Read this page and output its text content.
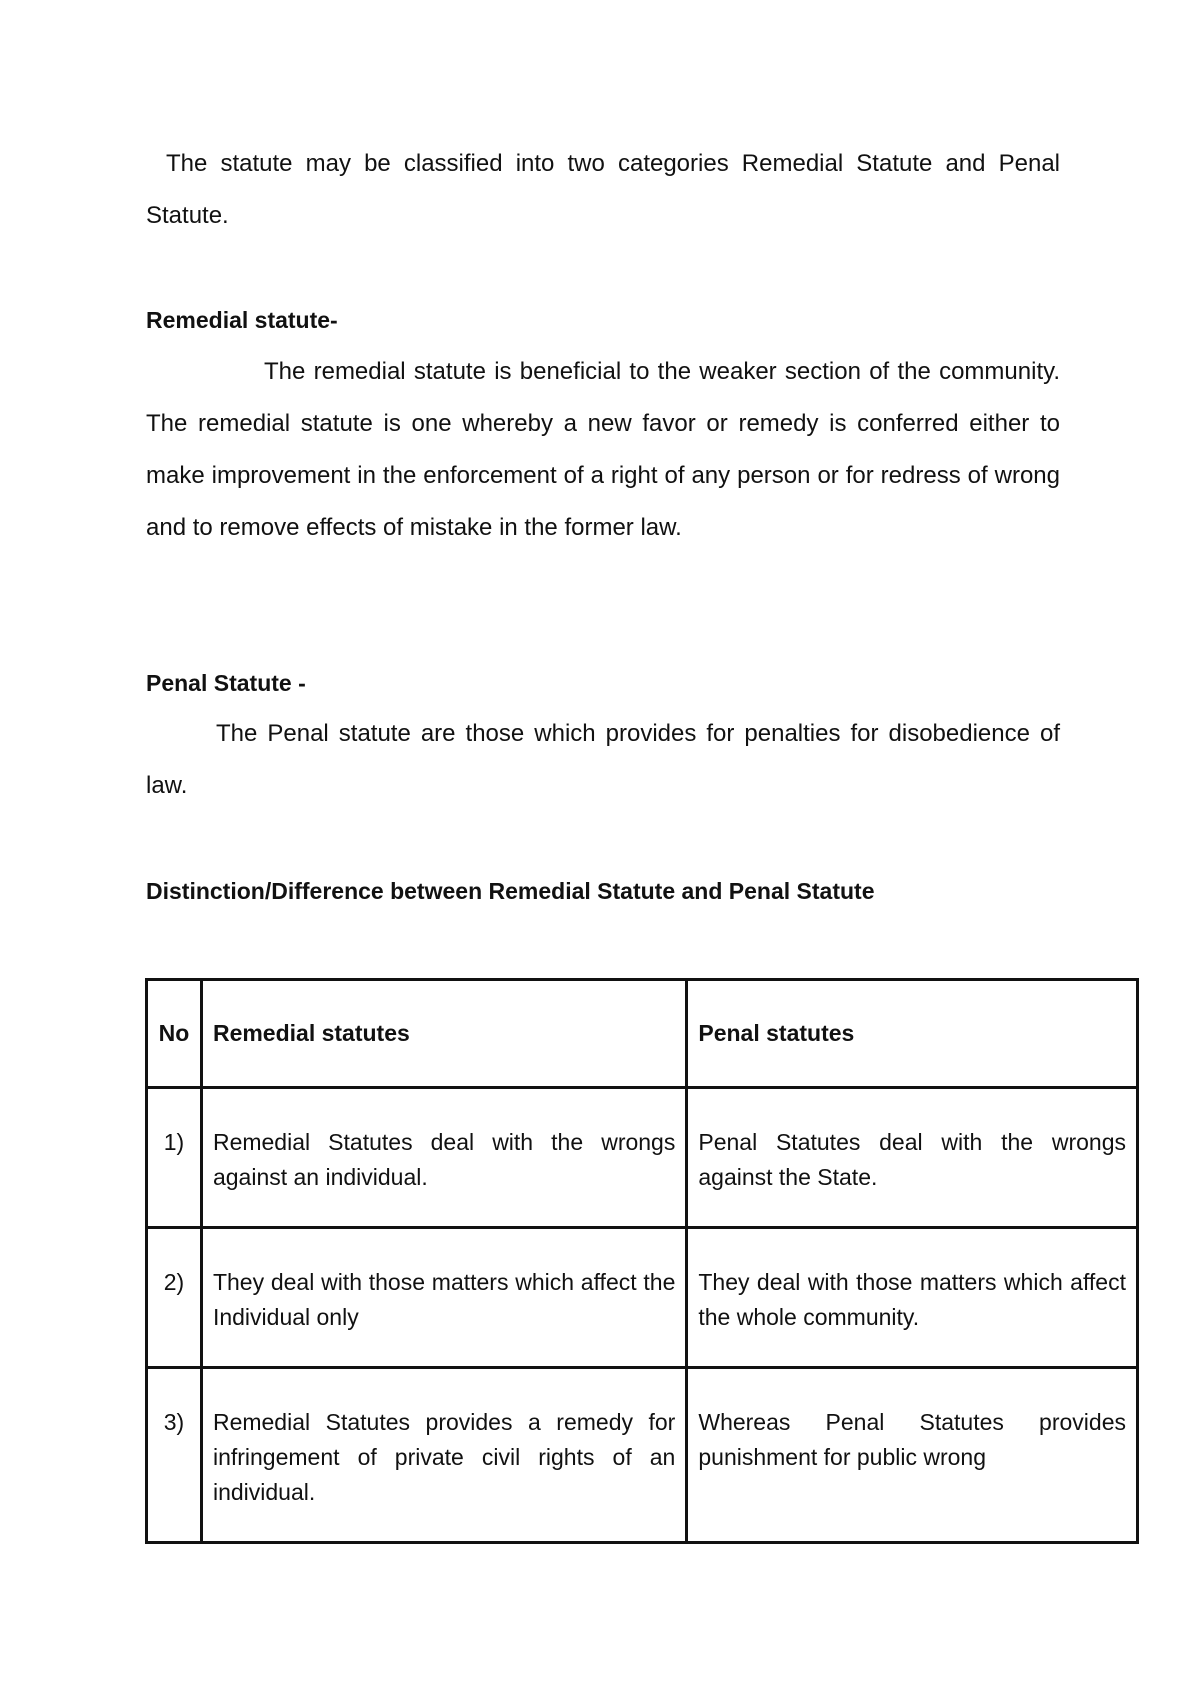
The statute may be classified into two categories Remedial Statute and Penal Statute.

Remedial statute-

The remedial statute is beneficial to the weaker section of the community. The remedial statute is one whereby a new favor or remedy is conferred either to make improvement in the enforcement of a right of any person or for redress of wrong and to remove effects of mistake in the former law.

Penal Statute -

The Penal statute are those which provides for penalties for disobedience of law.

Distinction/Difference between Remedial Statute and Penal Statute
No	Remedial statutes	Penal statutes
1)	Remedial Statutes deal with the wrongs against an individual.	Penal Statutes deal with the wrongs against the State.
2)	They deal with those matters which affect the Individual only	They deal with those matters which affect the whole community.
3)	Remedial Statutes provides a remedy for infringement of private civil rights of an individual.	Whereas Penal Statutes provides punishment for public wrong
